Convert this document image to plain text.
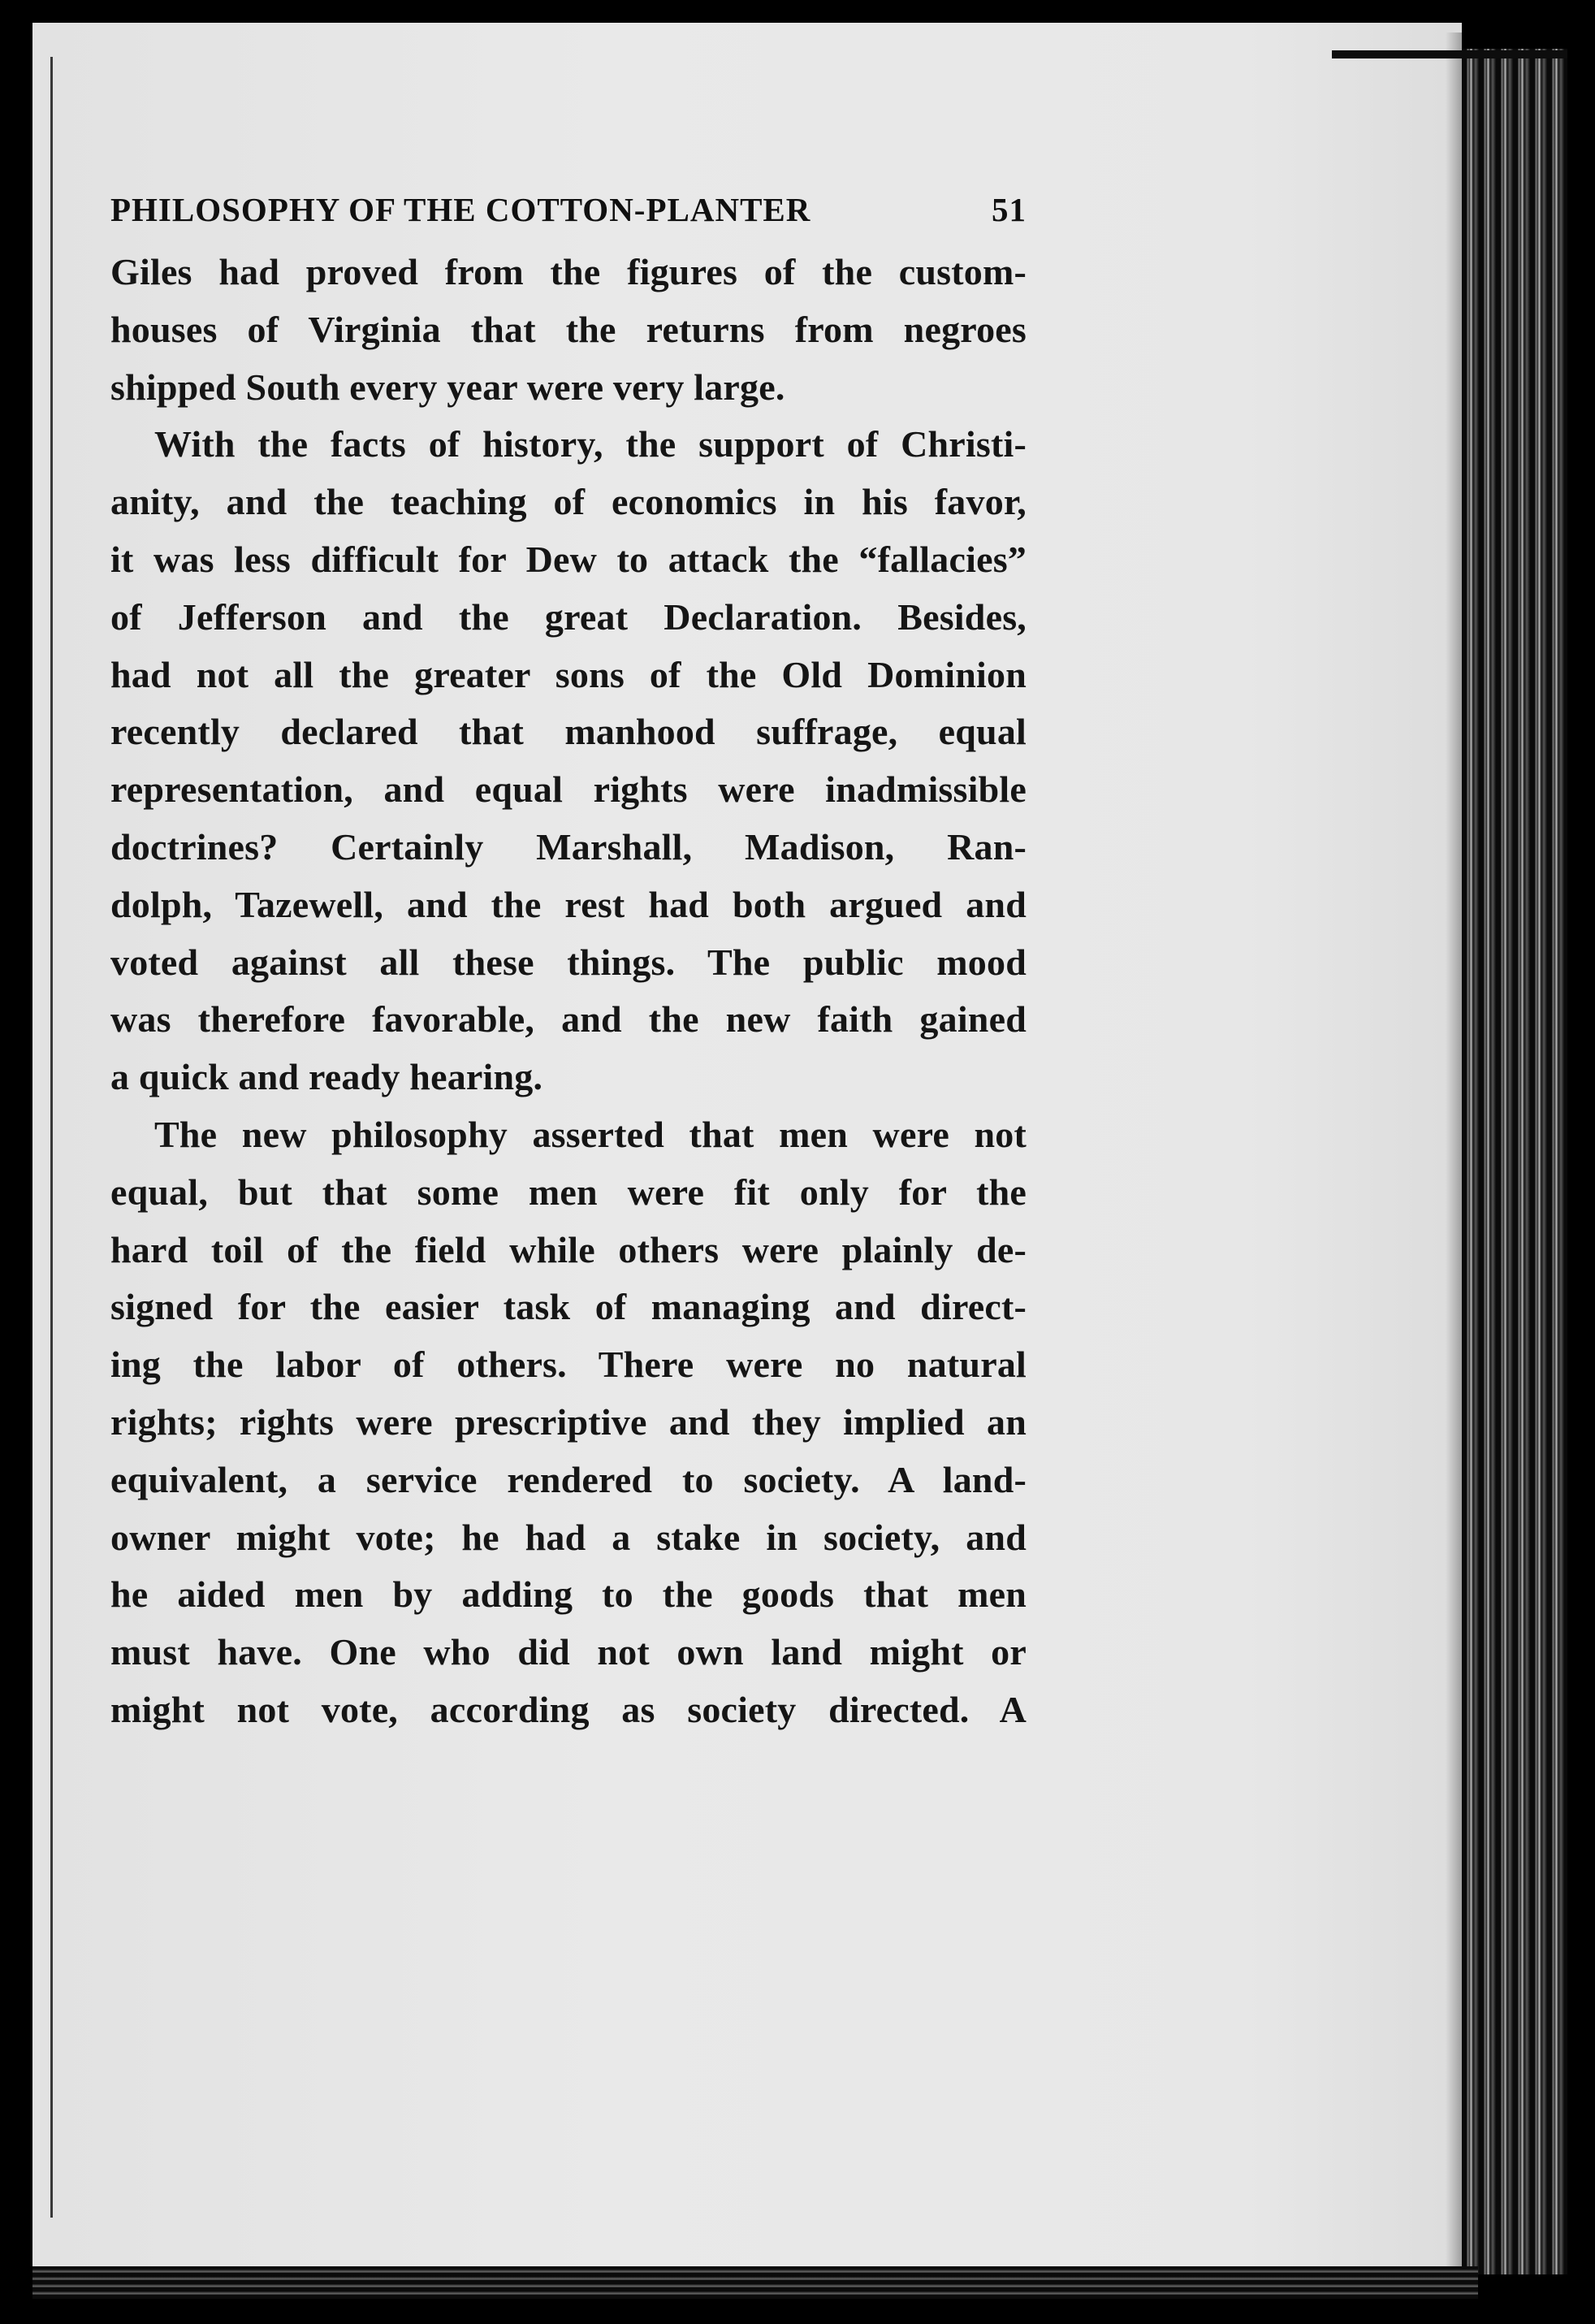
PHILOSOPHY OF THE COTTON-PLANTER	51
Giles had proved from the figures of the custom-
houses of Virginia that the returns from negroes
shipped South every year were very large.
With the facts of history, the support of Christi-
anity, and the teaching of economics in his favor,
it was less difficult for Dew to attack the “fallacies”
of Jefferson and the great Declaration. Besides,
had not all the greater sons of the Old Dominion
recently declared that manhood suffrage, equal
representation, and equal rights were inadmissible
doctrines? Certainly Marshall, Madison, Ran-
dolph, Tazewell, and the rest had both argued and
voted against all these things. The public mood
was therefore favorable, and the new faith gained
a quick and ready hearing.
The new philosophy asserted that men were not
equal, but that some men were fit only for the
hard toil of the field while others were plainly de-
signed for the easier task of managing and direct-
ing the labor of others. There were no natural
rights; rights were prescriptive and they implied an
equivalent, a service rendered to society. A land-
owner might vote; he had a stake in society, and
he aided men by adding to the goods that men
must have. One who did not own land might or
might not vote, according as society directed. A
